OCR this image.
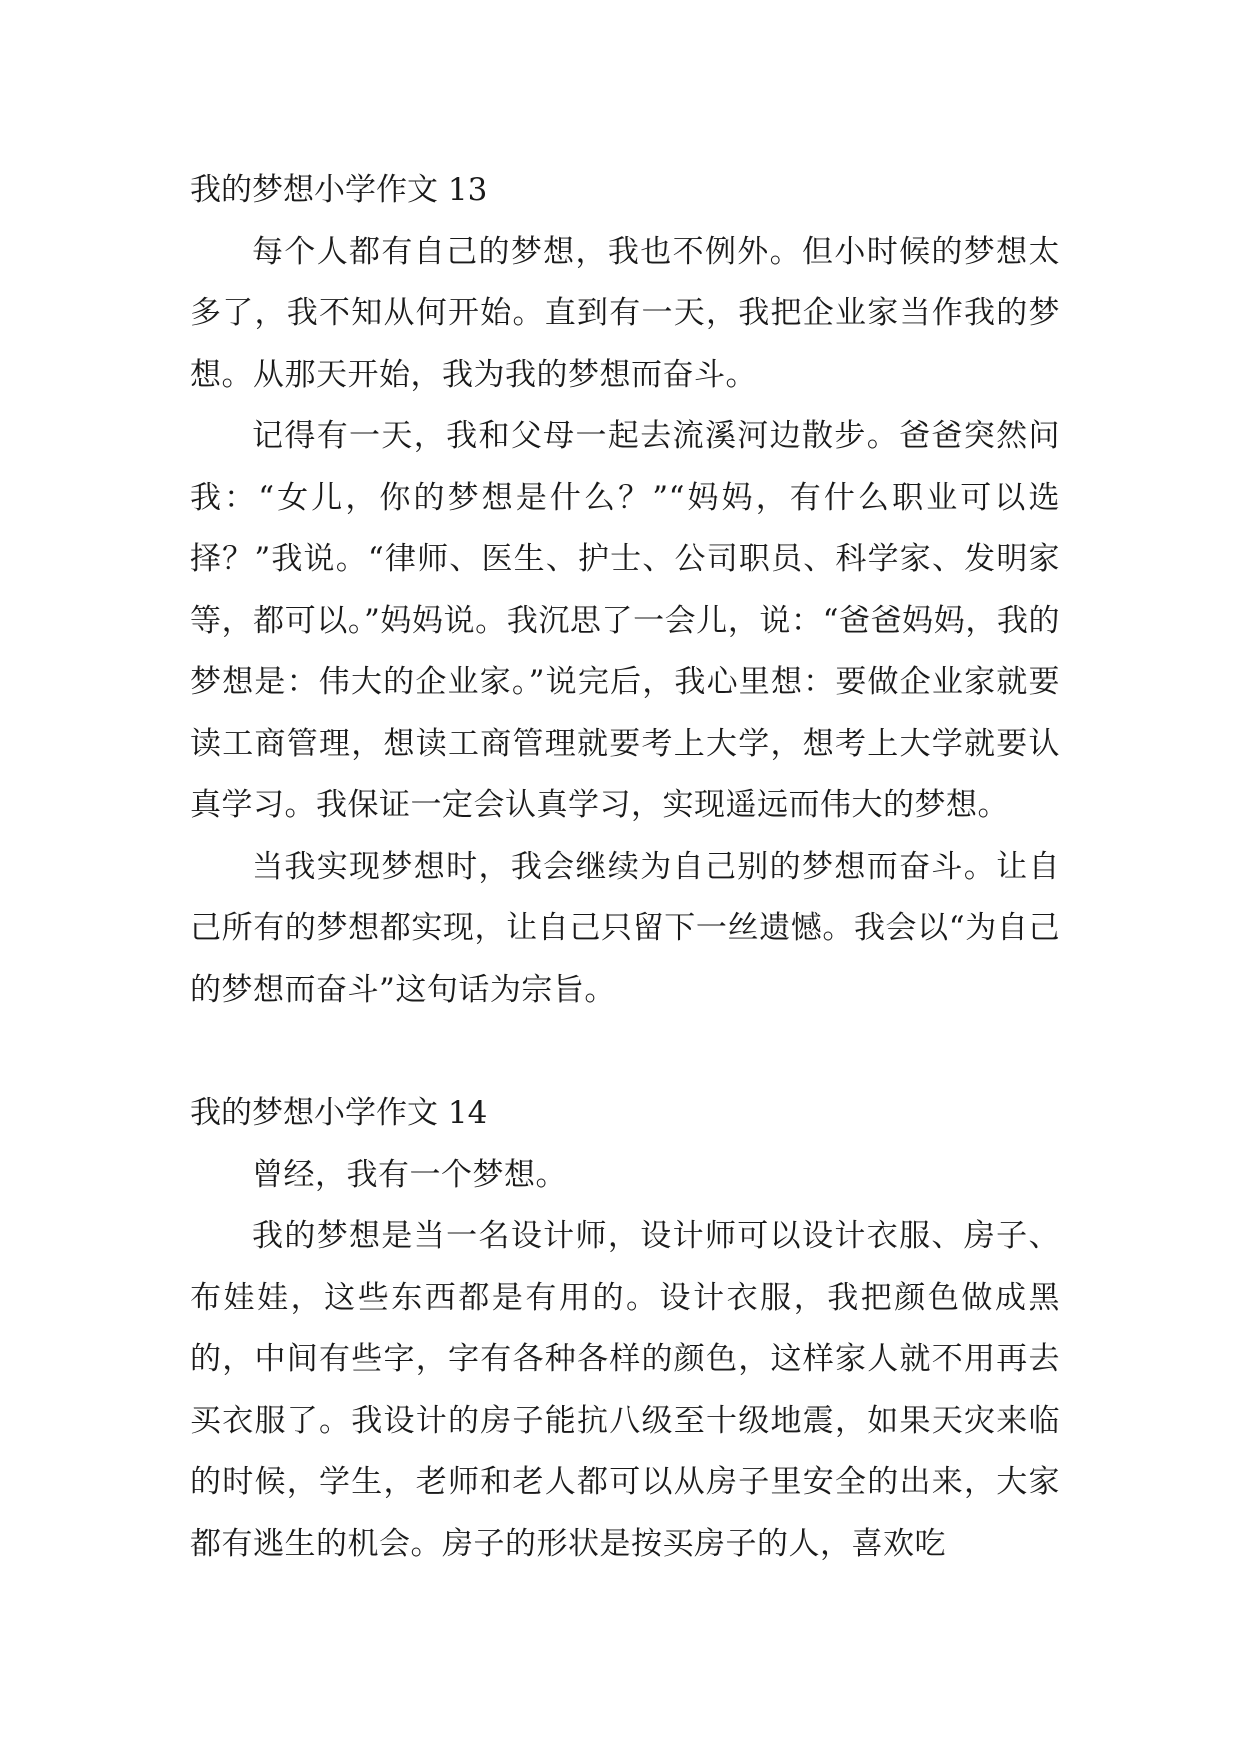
我的梦想小学作文 13

每个人都有自己的梦想，我也不例外。但小时候的梦想太多了，我不知从何开始。直到有一天，我把企业家当作我的梦想。从那天开始，我为我的梦想而奋斗。

记得有一天，我和父母一起去流溪河边散步。爸爸突然问我：“女儿，你的梦想是什么？”“妈妈，有什么职业可以选择？”我说。“律师、医生、护士、公司职员、科学家、发明家等，都可以。”妈妈说。我沉思了一会儿，说：“爸爸妈妈，我的梦想是：伟大的企业家。”说完后，我心里想：要做企业家就要读工商管理，想读工商管理就要考上大学，想考上大学就要认真学习。我保证一定会认真学习，实现遥远而伟大的梦想。

当我实现梦想时，我会继续为自己别的梦想而奋斗。让自己所有的梦想都实现，让自己只留下一丝遗憾。我会以“为自己的梦想而奋斗”这句话为宗旨。

我的梦想小学作文 14

曾经，我有一个梦想。

我的梦想是当一名设计师，设计师可以设计衣服、房子、布娃娃，这些东西都是有用的。设计衣服，我把颜色做成黑的，中间有些字，字有各种各样的颜色，这样家人就不用再去买衣服了。我设计的房子能抗八级至十级地震，如果天灾来临的时候，学生，老师和老人都可以从房子里安全的出来，大家都有逃生的机会。房子的形状是按买房子的人，喜欢吃
